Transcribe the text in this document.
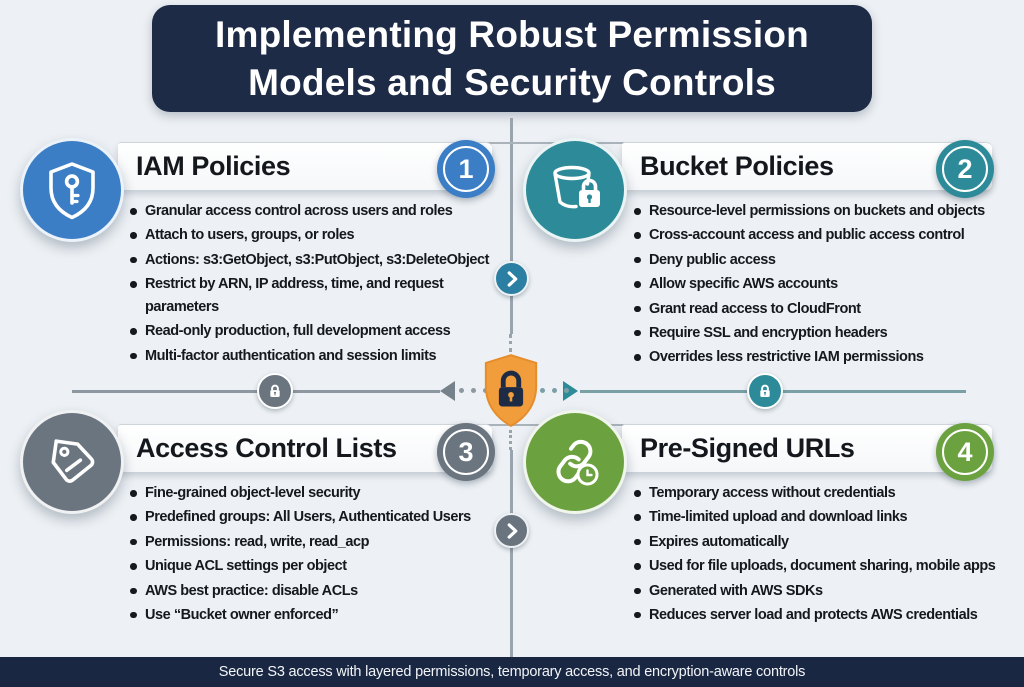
Implementing Robust Permission
Models and Security Controls
IAM Policies	1
Granular access control across users and roles
Attach to users, groups, or roles
Actions: s3:GetObject, s3:PutObject, s3:DeleteObject
Restrict by ARN, IP address, time, and request parameters
Read-only production, full development access
Multi-factor authentication and session limits
Bucket Policies	2
Resource-level permissions on buckets and objects
Cross-account access and public access control
Deny public access
Allow specific AWS accounts
Grant read access to CloudFront
Require SSL and encryption headers
Overrides less restrictive IAM permissions
Access Control Lists 3
Fine-grained object-level security
Predefined groups: All Users, Authenticated Users
Permissions: read, write, read_acp
Unique ACL settings per object
AWS best practice: disable ACLs
Use “Bucket owner enforced”
Pre-Signed URLs	4
Temporary access without credentials
Time-limited upload and download links
Expires automatically
Used for file uploads, document sharing, mobile apps
Generated with AWS SDKs
Reduces server load and protects AWS credentials
Secure S3 access with layered permissions, temporary access, and encryption-aware controls
